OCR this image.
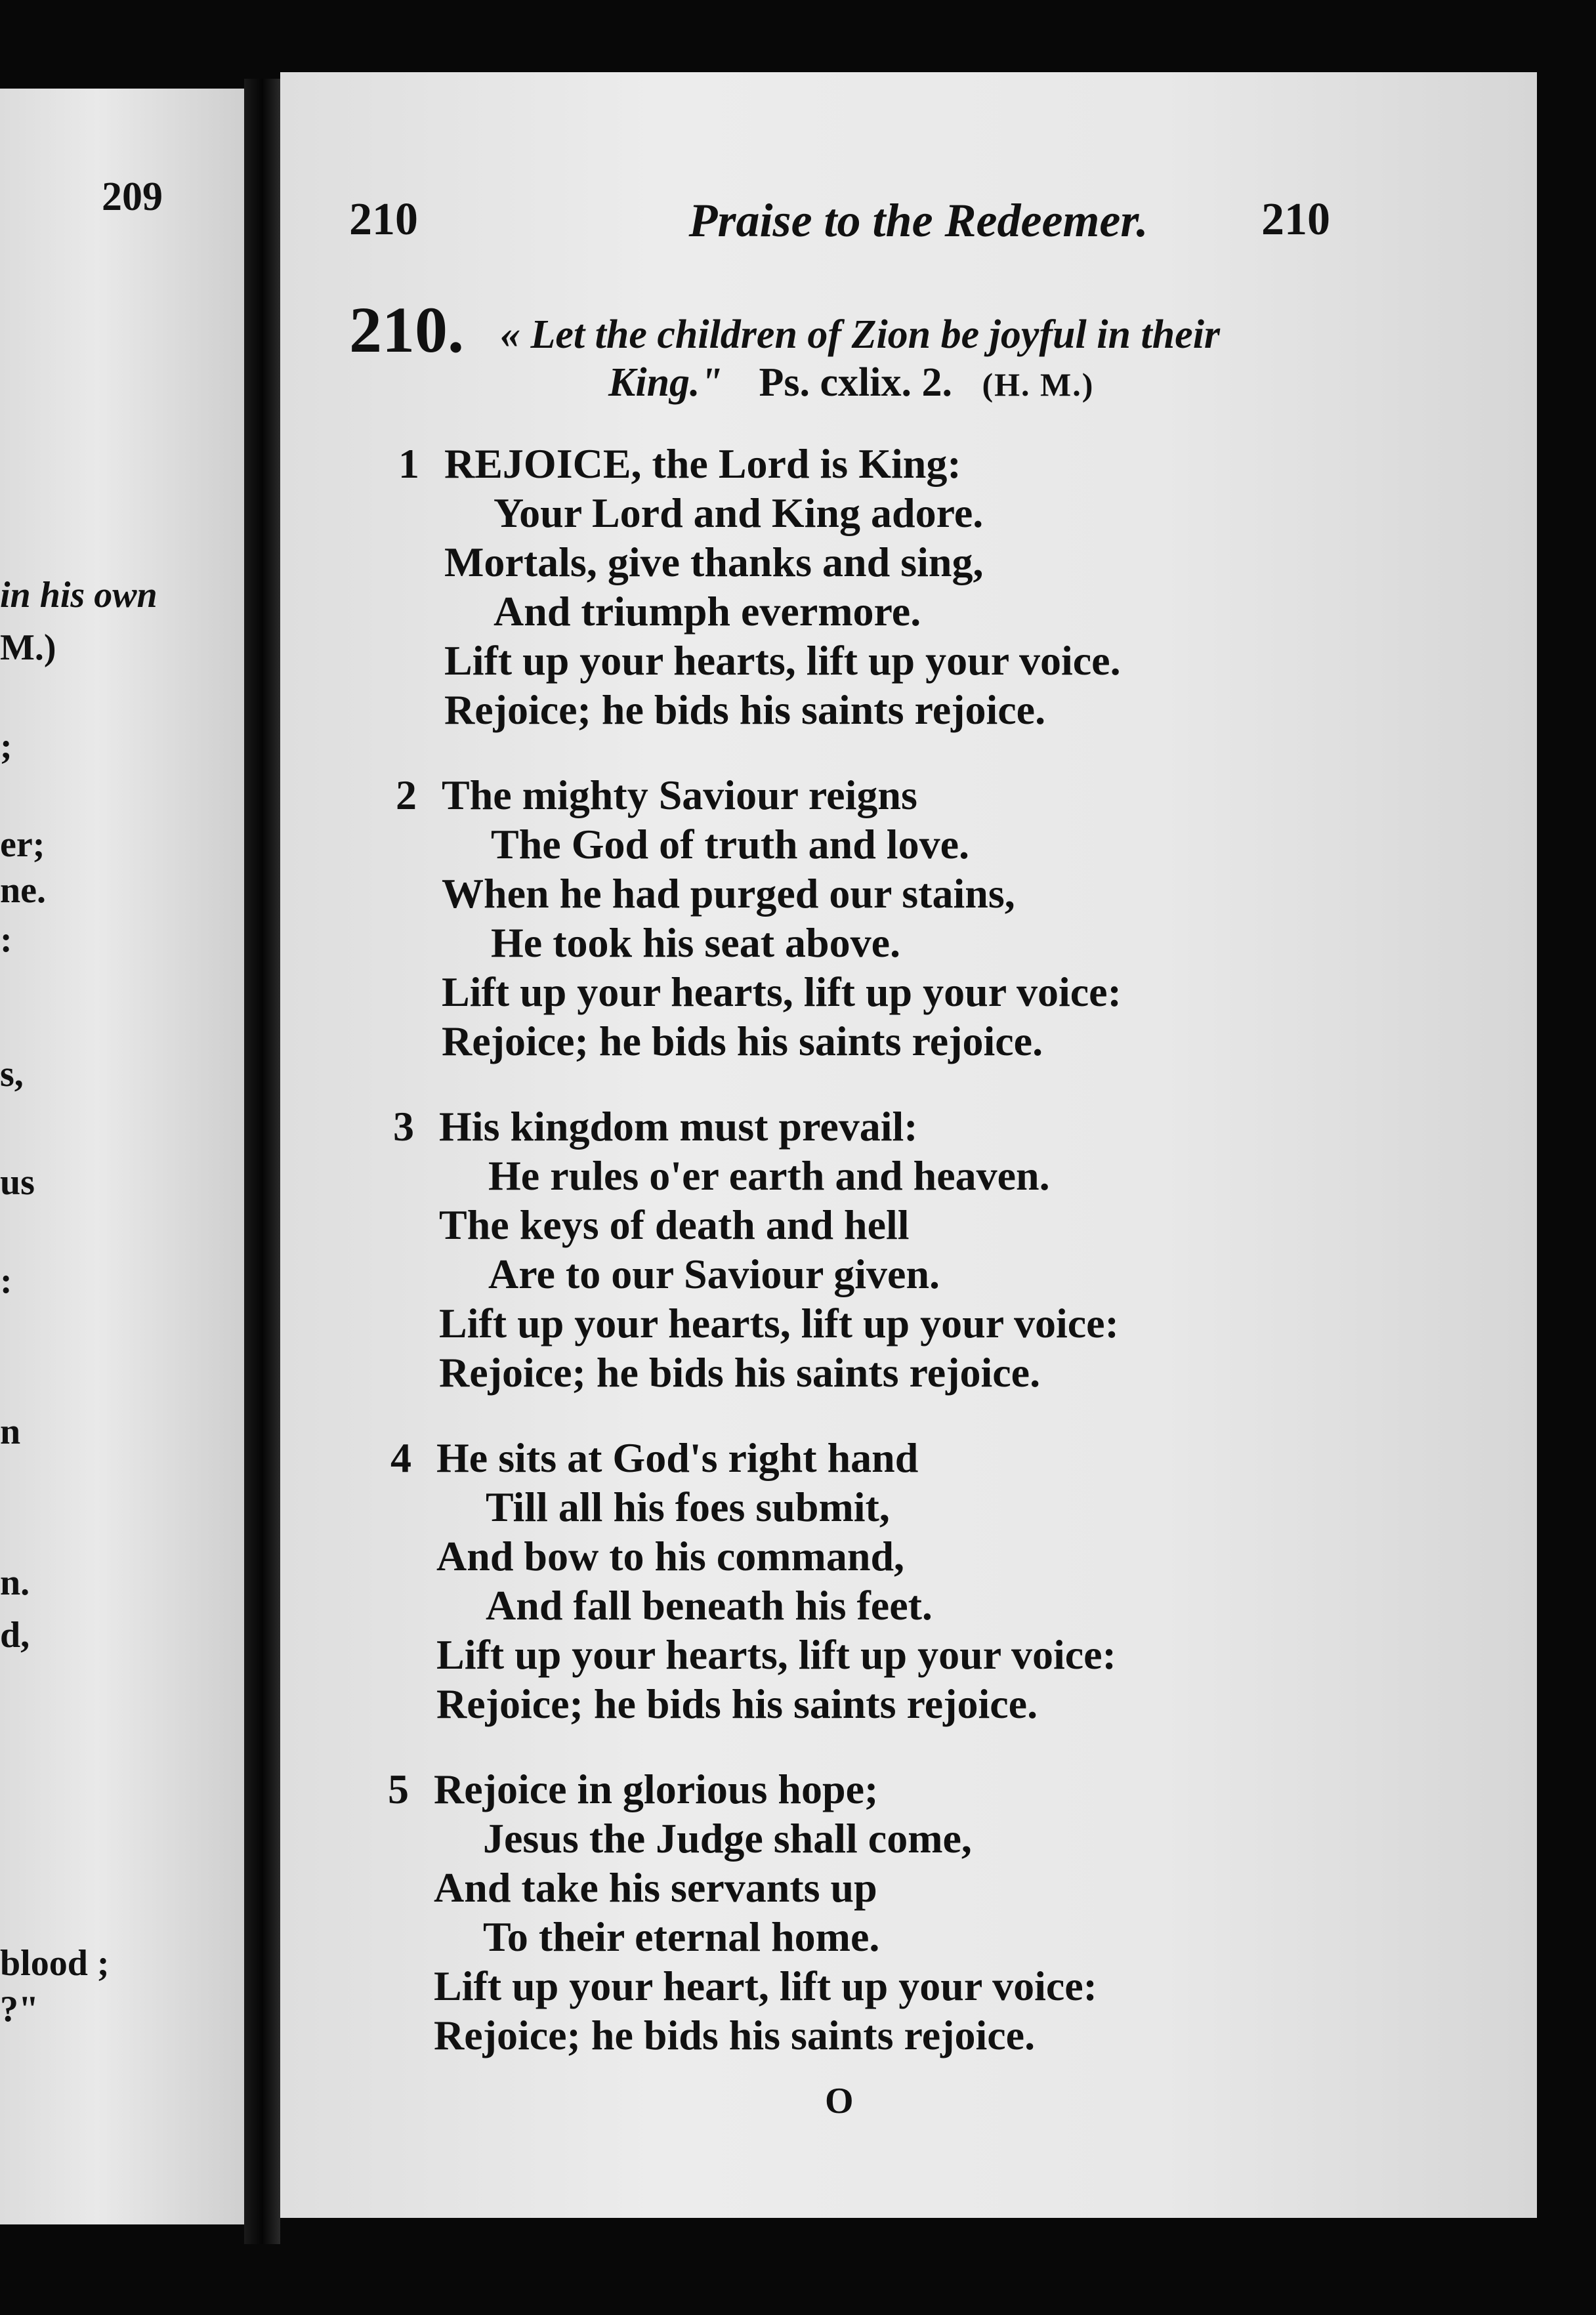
209
in his own
M.)
;
er;
ne.
:
s,
us
:
n
n.
d,
blood ;
?"
210	Praise to the Redeemer.	210
210. « Let the children of Zion be joyful in their
King." Ps. cxlix. 2. (H. M.)
1 REJOICE, the Lord is King:
Your Lord and King adore.
Mortals, give thanks and sing,
And triumph evermore.
Lift up your hearts, lift up your voice.
Rejoice; he bids his saints rejoice.
2 The mighty Saviour reigns
The God of truth and love.
When he had purged our stains,
He took his seat above.
Lift up your hearts, lift up your voice:
Rejoice; he bids his saints rejoice.
3 His kingdom must prevail:
He rules o'er earth and heaven.
The keys of death and hell
Are to our Saviour given.
Lift up your hearts, lift up your voice:
Rejoice; he bids his saints rejoice.
4 He sits at God's right hand
Till all his foes submit,
And bow to his command,
And fall beneath his feet.
Lift up your hearts, lift up your voice:
Rejoice; he bids his saints rejoice.
5 Rejoice in glorious hope;
Jesus the Judge shall come,
And take his servants up
To their eternal home.
Lift up your heart, lift up your voice:
Rejoice; he bids his saints rejoice.
O
